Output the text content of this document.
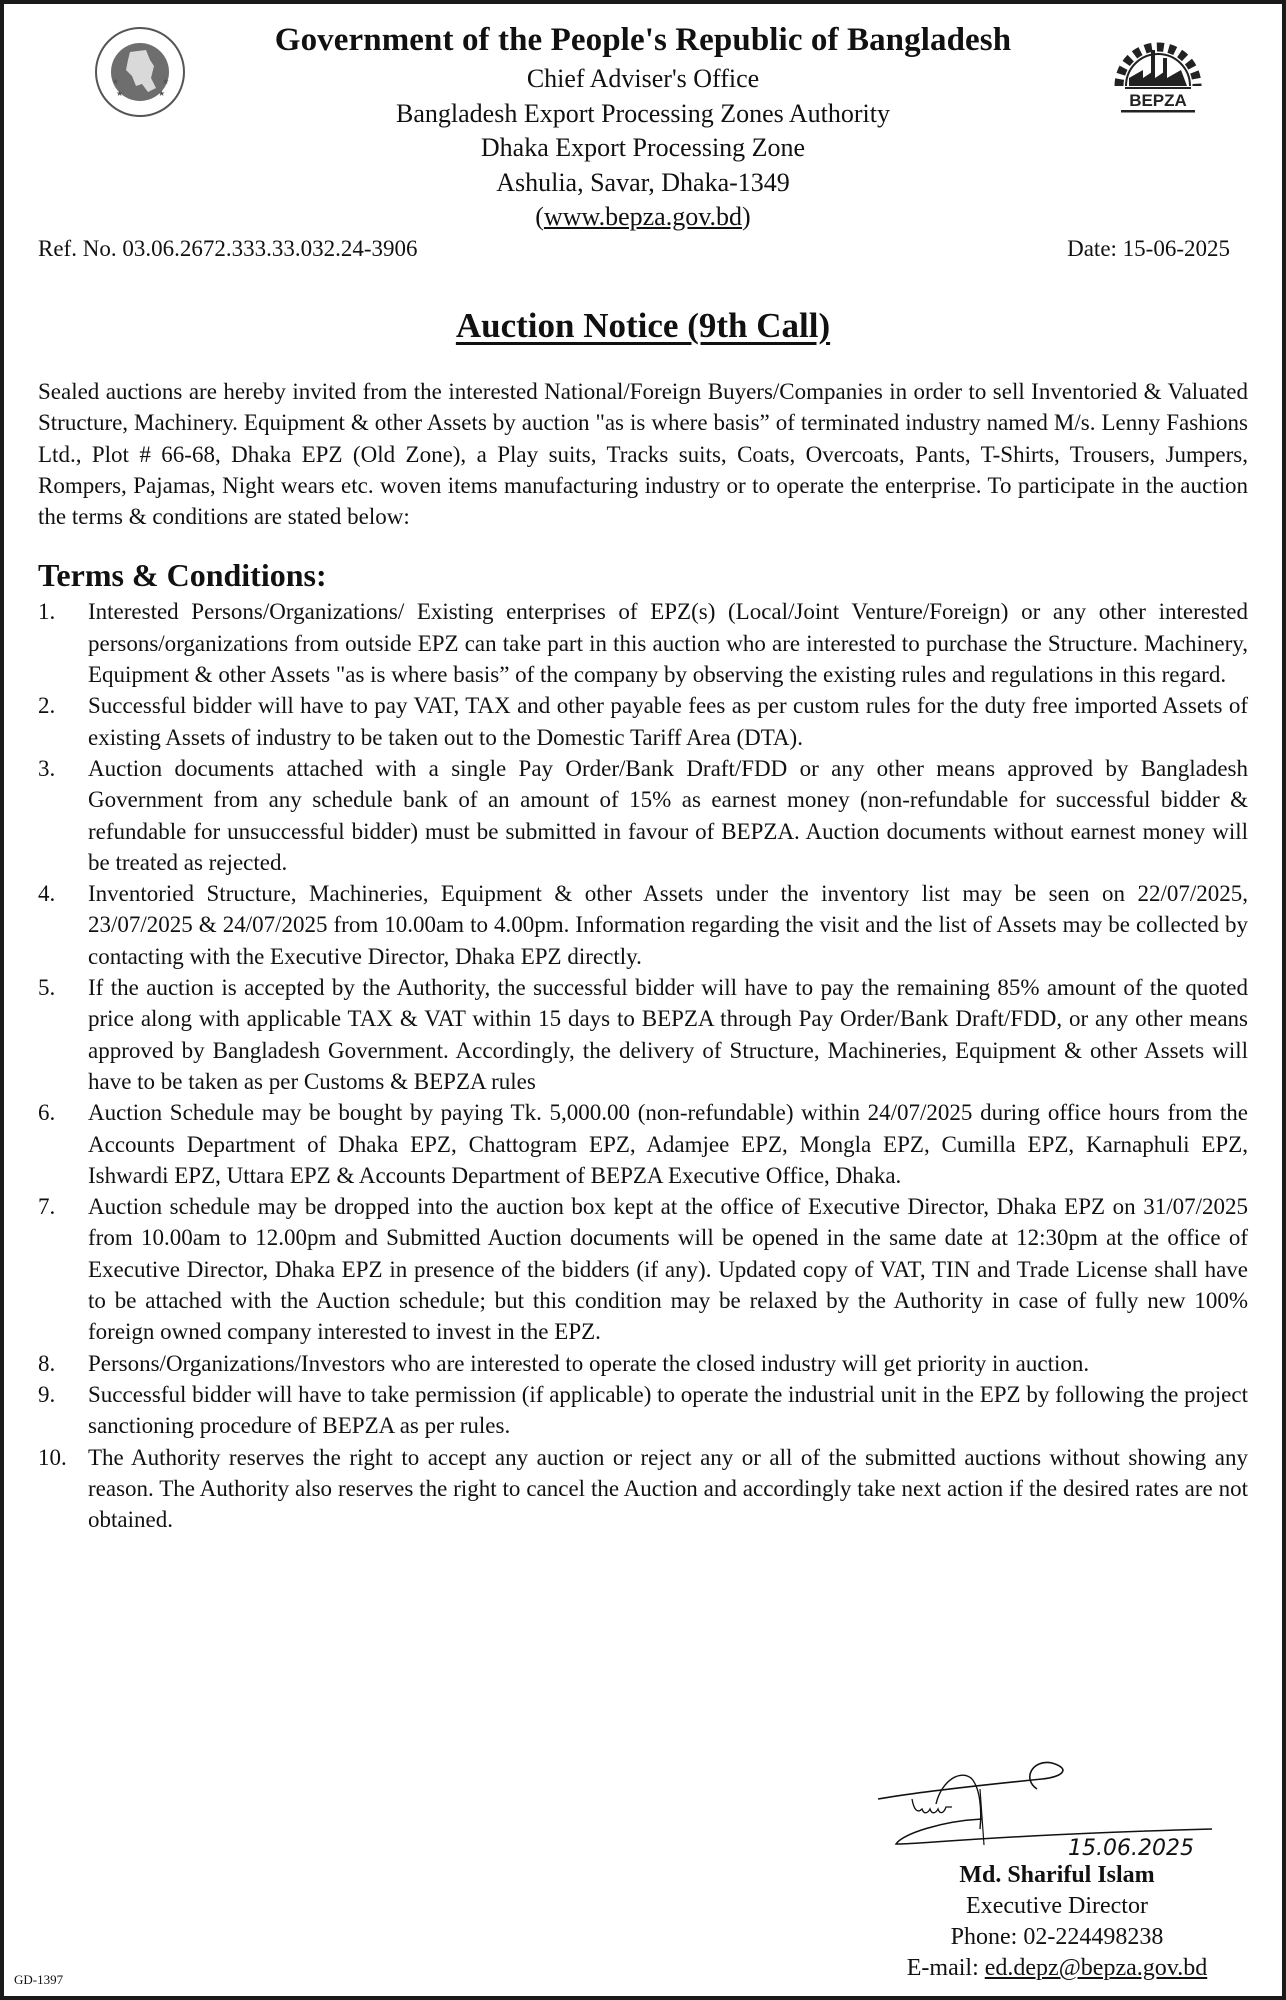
★	★
★	★
Government of the People's Republic of Bangladesh
Chief Adviser's Office
Bangladesh Export Processing Zones Authority
Dhaka Export Processing Zone
Ashulia, Savar, Dhaka-1349
(www.bepza.gov.bd)
BEPZA
Ref. No. 03.06.2672.333.33.032.24-3906	Date: 15-06-2025
Auction Notice (9th Call)

Sealed auctions are hereby invited from the interested National/Foreign Buyers/Companies in order to sell Inventoried & Valuated Structure, Machinery. Equipment & other Assets by auction "as is where basis” of terminated industry named M/s. Lenny Fashions Ltd., Plot # 66-68, Dhaka EPZ (Old Zone), a Play suits, Tracks suits, Coats, Overcoats, Pants, T-Shirts, Trousers, Jumpers, Rompers, Pajamas, Night wears etc. woven items manufacturing industry or to operate the enterprise. To participate in the auction the terms & conditions are stated below:

Terms & Conditions:
1.	Interested Persons/Organizations/ Existing enterprises of EPZ(s) (Local/Joint Venture/Foreign) or any other interested persons/organizations from outside EPZ can take part in this auction who are interested to purchase the Structure. Machinery, Equipment & other Assets "as is where basis” of the company by observing the existing rules and regulations in this regard.
2.	Successful bidder will have to pay VAT, TAX and other payable fees as per custom rules for the duty free imported Assets of existing Assets of industry to be taken out to the Domestic Tariff Area (DTA).
3.	Auction documents attached with a single Pay Order/Bank Draft/FDD or any other means approved by Bangladesh Government from any schedule bank of an amount of 15% as earnest money (non-refundable for successful bidder & refundable for unsuccessful bidder) must be submitted in favour of BEPZA. Auction documents without earnest money will be treated as rejected.
4.	Inventoried Structure, Machineries, Equipment & other Assets under the inventory list may be seen on 22/07/2025, 23/07/2025 & 24/07/2025 from 10.00am to 4.00pm. Information regarding the visit and the list of Assets may be collected by contacting with the Executive Director, Dhaka EPZ directly.
5.	If the auction is accepted by the Authority, the successful bidder will have to pay the remaining 85% amount of the quoted price along with applicable TAX & VAT within 15 days to BEPZA through Pay Order/Bank Draft/FDD, or any other means approved by Bangladesh Government. Accordingly, the delivery of Structure, Machineries, Equipment & other Assets will have to be taken as per Customs & BEPZA rules
6.	Auction Schedule may be bought by paying Tk. 5,000.00 (non-refundable) within 24/07/2025 during office hours from the Accounts Department of Dhaka EPZ, Chattogram EPZ, Adamjee EPZ, Mongla EPZ, Cumilla EPZ, Karnaphuli EPZ, Ishwardi EPZ, Uttara EPZ & Accounts Department of BEPZA Executive Office, Dhaka.
7.	Auction schedule may be dropped into the auction box kept at the office of Executive Director, Dhaka EPZ on 31/07/2025 from 10.00am to 12.00pm and Submitted Auction documents will be opened in the same date at 12:30pm at the office of Executive Director, Dhaka EPZ in presence of the bidders (if any). Updated copy of VAT, TIN and Trade License shall have to be attached with the Auction schedule; but this condition may be relaxed by the Authority in case of fully new 100% foreign owned company interested to invest in the EPZ.
8.	Persons/Organizations/Investors who are interested to operate the closed industry will get priority in auction.
9.	Successful bidder will have to take permission (if applicable) to operate the industrial unit in the EPZ by following the project sanctioning procedure of BEPZA as per rules.
10. The Authority reserves the right to accept any auction or reject any or all of the submitted auctions without showing any reason. The Authority also reserves the right to cancel the Auction and accordingly take next action if the desired rates are not obtained.
15.06.2025
Md. Shariful Islam
Executive Director
Phone: 02-224498238
E-mail: ed.depz@bepza.gov.bd
GD-1397
